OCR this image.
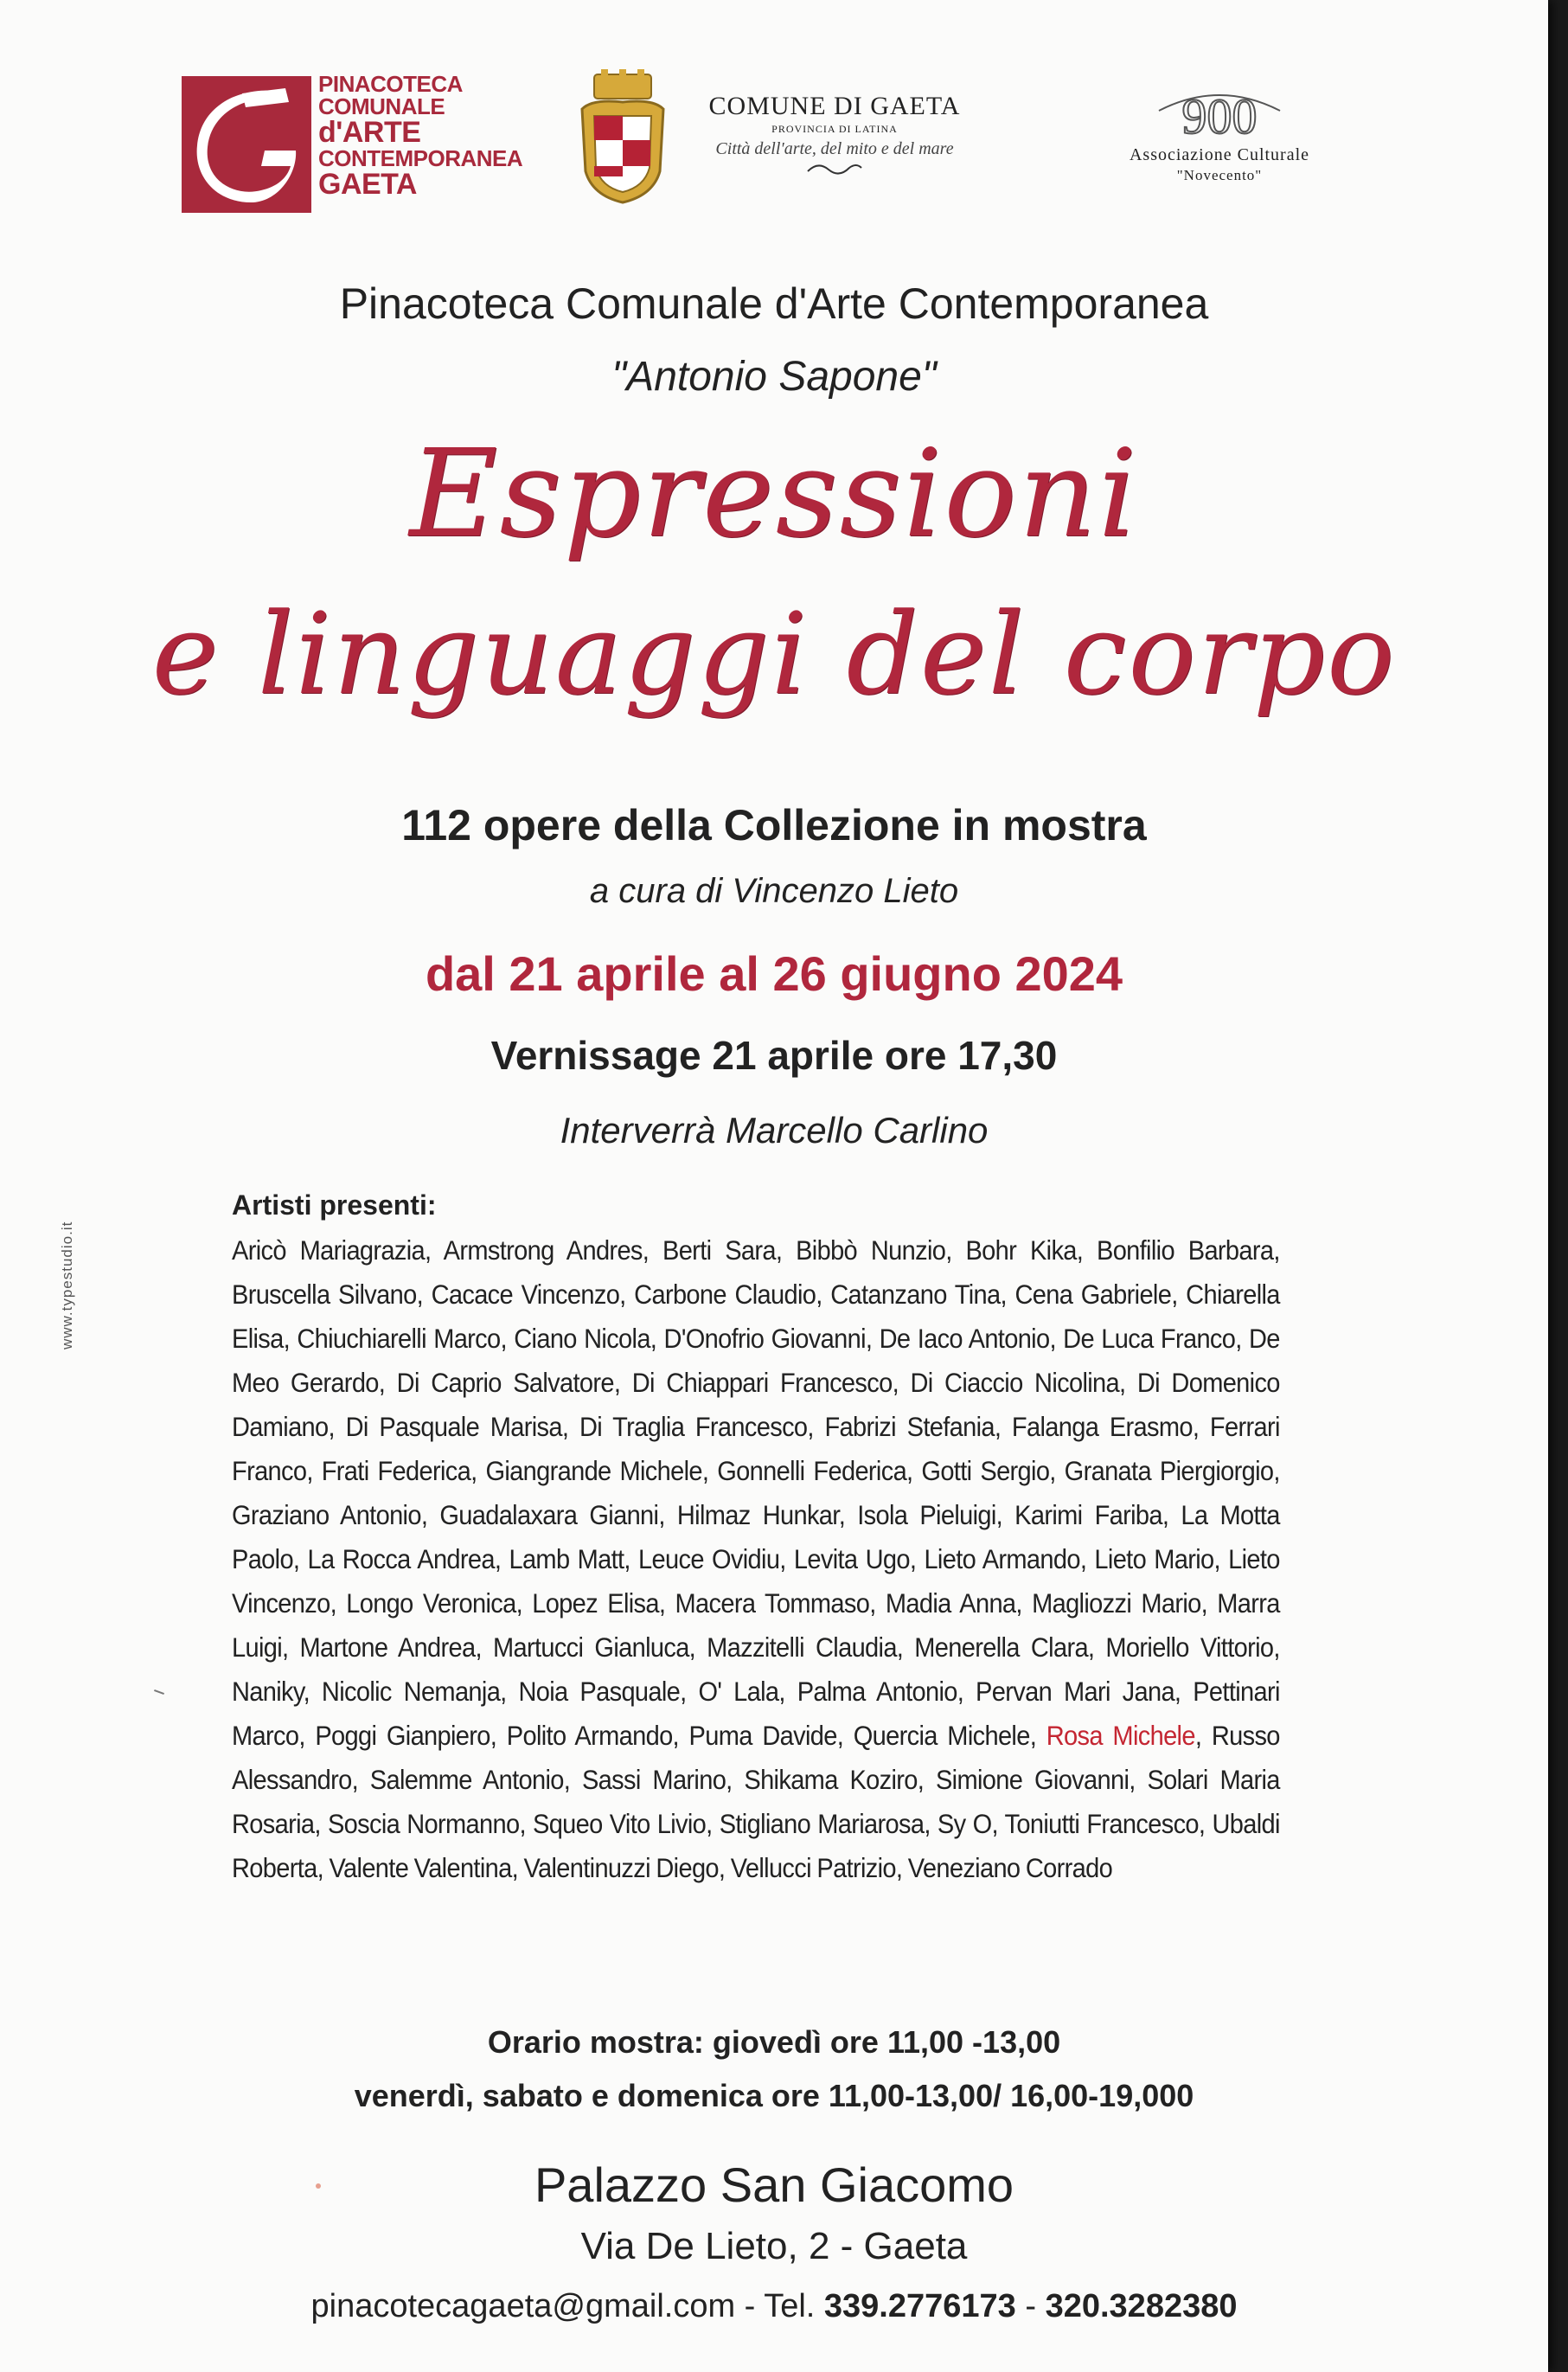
PINACOTECA
COMUNALE
d'ARTE
CONTEMPORANEA
GAETA
COMUNE DI GAETA
PROVINCIA DI LATINA
Città dell'arte, del mito e del mare
900
Associazione Culturale
"Novecento"
Pinacoteca Comunale d'Arte Contemporanea
"Antonio Sapone"
Espressioni
e linguaggi del corpo
112 opere della Collezione in mostra
a cura di Vincenzo Lieto
dal 21 aprile al 26 giugno 2024
Vernissage 21 aprile ore 17,30
Interverrà Marcello Carlino
Artisti presenti:
Aricò Mariagrazia, Armstrong Andres, Berti Sara, Bibbò Nunzio, Bohr Kika, Bonfilio Barbara, Bruscella Silvano, Cacace Vincenzo, Carbone Claudio, Catanzano Tina, Cena Gabriele, Chiarella Elisa, Chiuchiarelli Marco, Ciano Nicola, D'Onofrio Giovanni, De Iaco Antonio, De Luca Franco, De Meo Gerardo, Di Caprio Salvatore, Di Chiappari Francesco, Di Ciaccio Nicolina, Di Domenico Damiano, Di Pasquale Marisa, Di Traglia Francesco, Fabrizi Stefania, Falanga Erasmo, Ferrari Franco, Frati Federica, Giangrande Michele, Gonnelli Federica, Gotti Sergio, Granata Piergiorgio, Graziano Antonio, Guadalaxara Gianni, Hilmaz Hunkar, Isola Pieluigi, Karimi Fariba, La Motta Paolo, La Rocca Andrea, Lamb Matt, Leuce Ovidiu, Levita Ugo, Lieto Armando, Lieto Mario, Lieto Vincenzo, Longo Veronica, Lopez Elisa, Macera Tommaso, Madia Anna, Magliozzi Mario, Marra Luigi, Martone Andrea, Martucci Gianluca, Mazzitelli Claudia, Menerella Clara, Moriello Vittorio, Naniky, Nicolic Nemanja, Noia Pasquale, O' Lala, Palma Antonio, Pervan Mari Jana, Pettinari Marco, Poggi Gianpiero, Polito Armando, Puma Davide, Quercia Michele, Rosa Michele, Russo Alessandro, Salemme Antonio, Sassi Marino, Shikama Koziro, Simione Giovanni, Solari Maria Rosaria, Soscia Normanno, Squeo Vito Livio, Stigliano Mariarosa, Sy O, Toniutti Francesco, Ubaldi Roberta, Valente Valentina, Valentinuzzi Diego, Vellucci Patrizio, Veneziano Corrado
Orario mostra: giovedì ore 11,00 -13,00
venerdì, sabato e domenica ore 11,00-13,00/ 16,00-19,000
Palazzo San Giacomo
Via De Lieto, 2 - Gaeta
pinacotecagaeta@gmail.com - Tel. 339.2776173 - 320.3282380
www.typestudio.it
